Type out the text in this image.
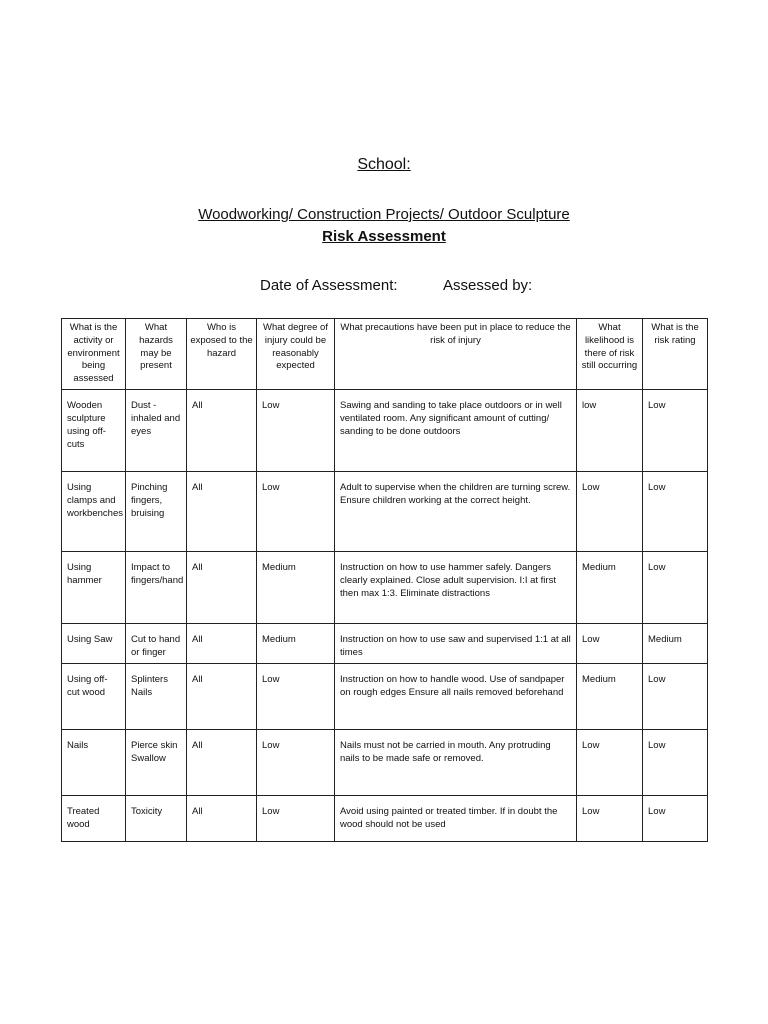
School:
Woodworking/ Construction Projects/ Outdoor Sculpture
Risk Assessment
Date of Assessment:	Assessed by:
What is the activity or environment being assessed	What hazards may be present	Who is exposed to the hazard	What degree of injury could be reasonably expected	What precautions have been put in place to reduce the risk of injury	What likelihood is there of risk still occurring	What is the risk rating
Wooden sculpture using off-cuts	Dust - inhaled and eyes	All	Low	Sawing and sanding to take place outdoors or in well ventilated room. Any significant amount of cutting/ sanding to be done outdoors	low	Low
Using clamps and workbenches	Pinching fingers, bruising	All	Low	Adult to supervise when the children are turning screw. Ensure children working at the correct height.	Low	Low
Using hammer	Impact to fingers/hand	All	Medium	Instruction on how to use hammer safely. Dangers clearly explained. Close adult supervision. I:I at first then max 1:3. Eliminate distractions	Medium	Low
Using Saw	Cut to hand or finger	All	Medium	Instruction on how to use saw and supervised 1:1 at all times	Low	Medium
Using off-cut wood	Splinters Nails	All	Low	Instruction on how to handle wood. Use of sandpaper on rough edges Ensure all nails removed beforehand	Medium	Low
Nails	Pierce skin Swallow	All	Low	Nails must not be carried in mouth. Any protruding nails to be made safe or removed.	Low	Low
Treated wood	Toxicity	All	Low	Avoid using painted or treated timber. If in doubt the wood should not be used	Low	Low
